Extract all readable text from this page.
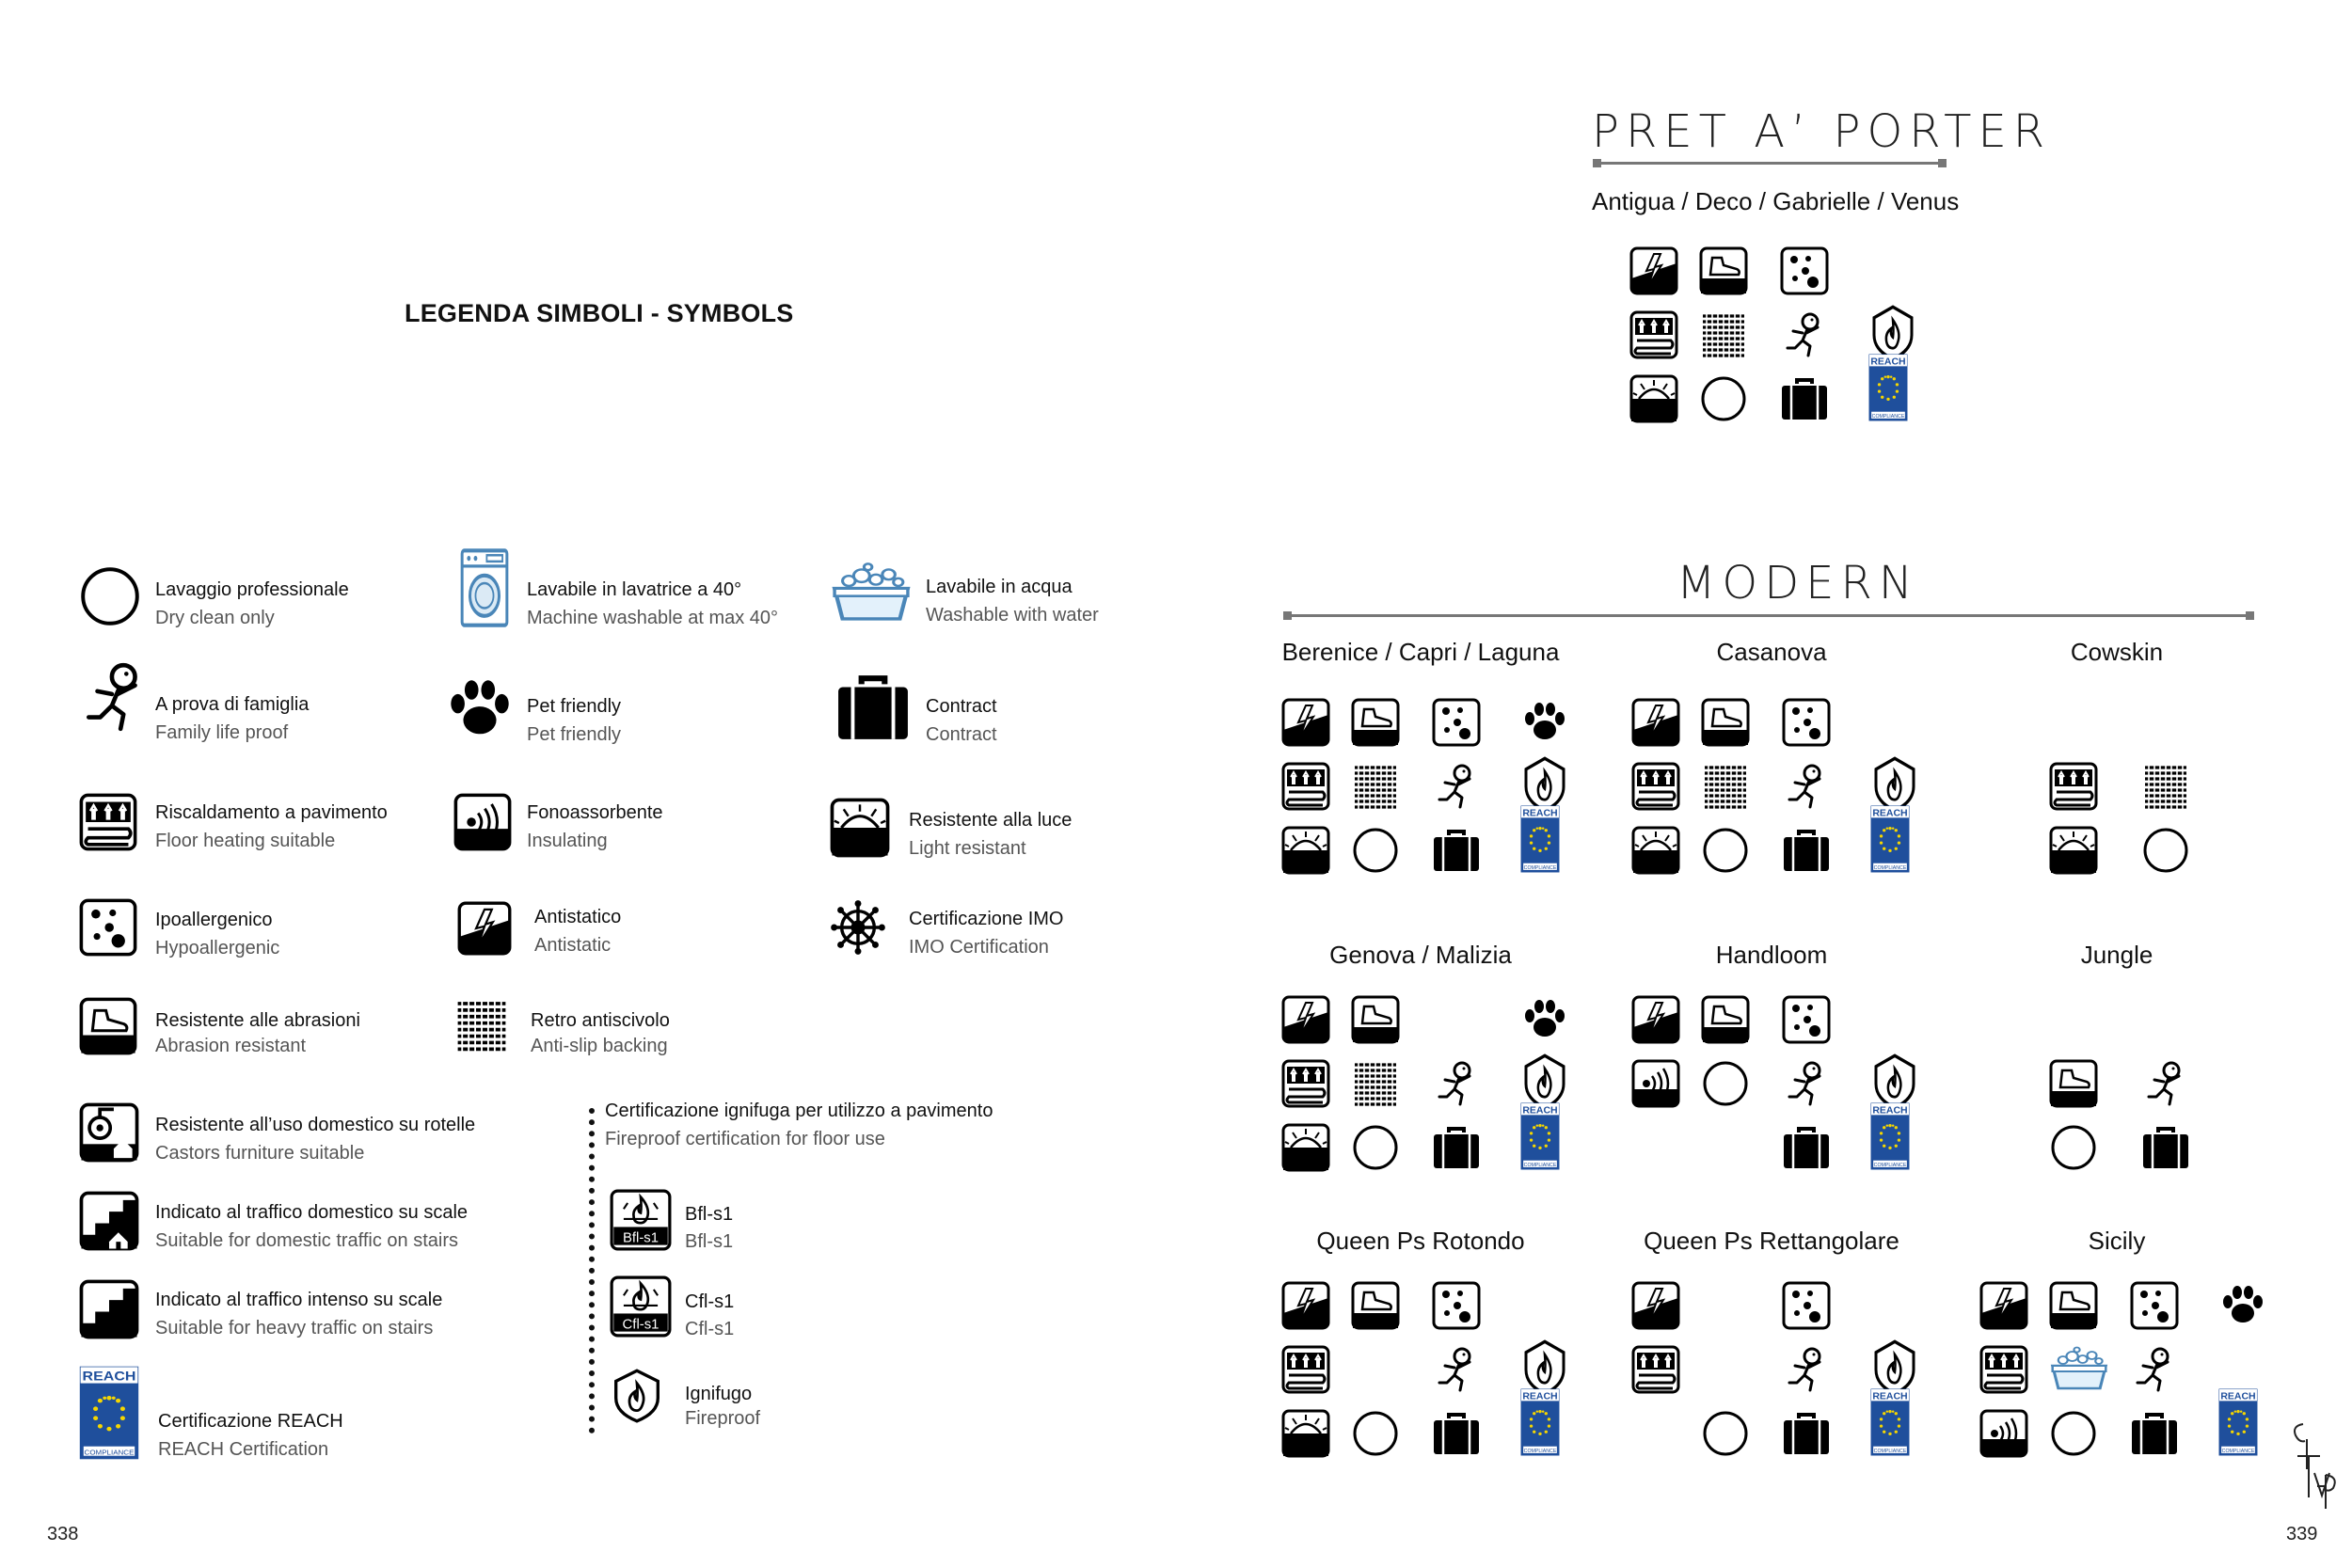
LEGENDA SIMBOLI - SYMBOLS
Lavaggio professionale
Dry clean only
Lavabile in lavatrice a 40°
Machine washable at max 40°
Lavabile in acqua
Washable with water
A prova di famiglia
Family life proof
Pet friendly
Pet friendly
Contract
Contract
Riscaldamento a pavimento
Floor heating suitable
Fonoassorbente
Insulating
Resistente alla luce
Light resistant
Ipoallergenico
Hypoallergenic
Antistatico
Antistatic
Certificazione IMO
IMO Certification
Resistente alle abrasioni
Abrasion resistant
Retro antiscivolo
Anti-slip backing
Resistente all’uso domestico su rotelle
Castors furniture suitable
Indicato al traffico domestico su scale
Suitable for domestic traffic on stairs
Indicato al traffico intenso su scale
Suitable for heavy traffic on stairs
Certificazione REACH
REACH Certification
Certificazione ignifuga per utilizzo a pavimento
Fireproof certification for floor use
Bfl-s1
Bfl-s1
Bfl-s1
Cfl-s1
Cfl-s1
Cfl-s1
Ignifugo
Fireproof
338
PRET A’ PORTER
Antigua / Deco / Gabrielle / Venus
MODERN
Berenice / Capri / Laguna	Casanova	Cowskin
Genova / Malizia	Handloom	Jungle
Queen Ps Rotondo	Queen Ps Rettangolare	Sicily
339
